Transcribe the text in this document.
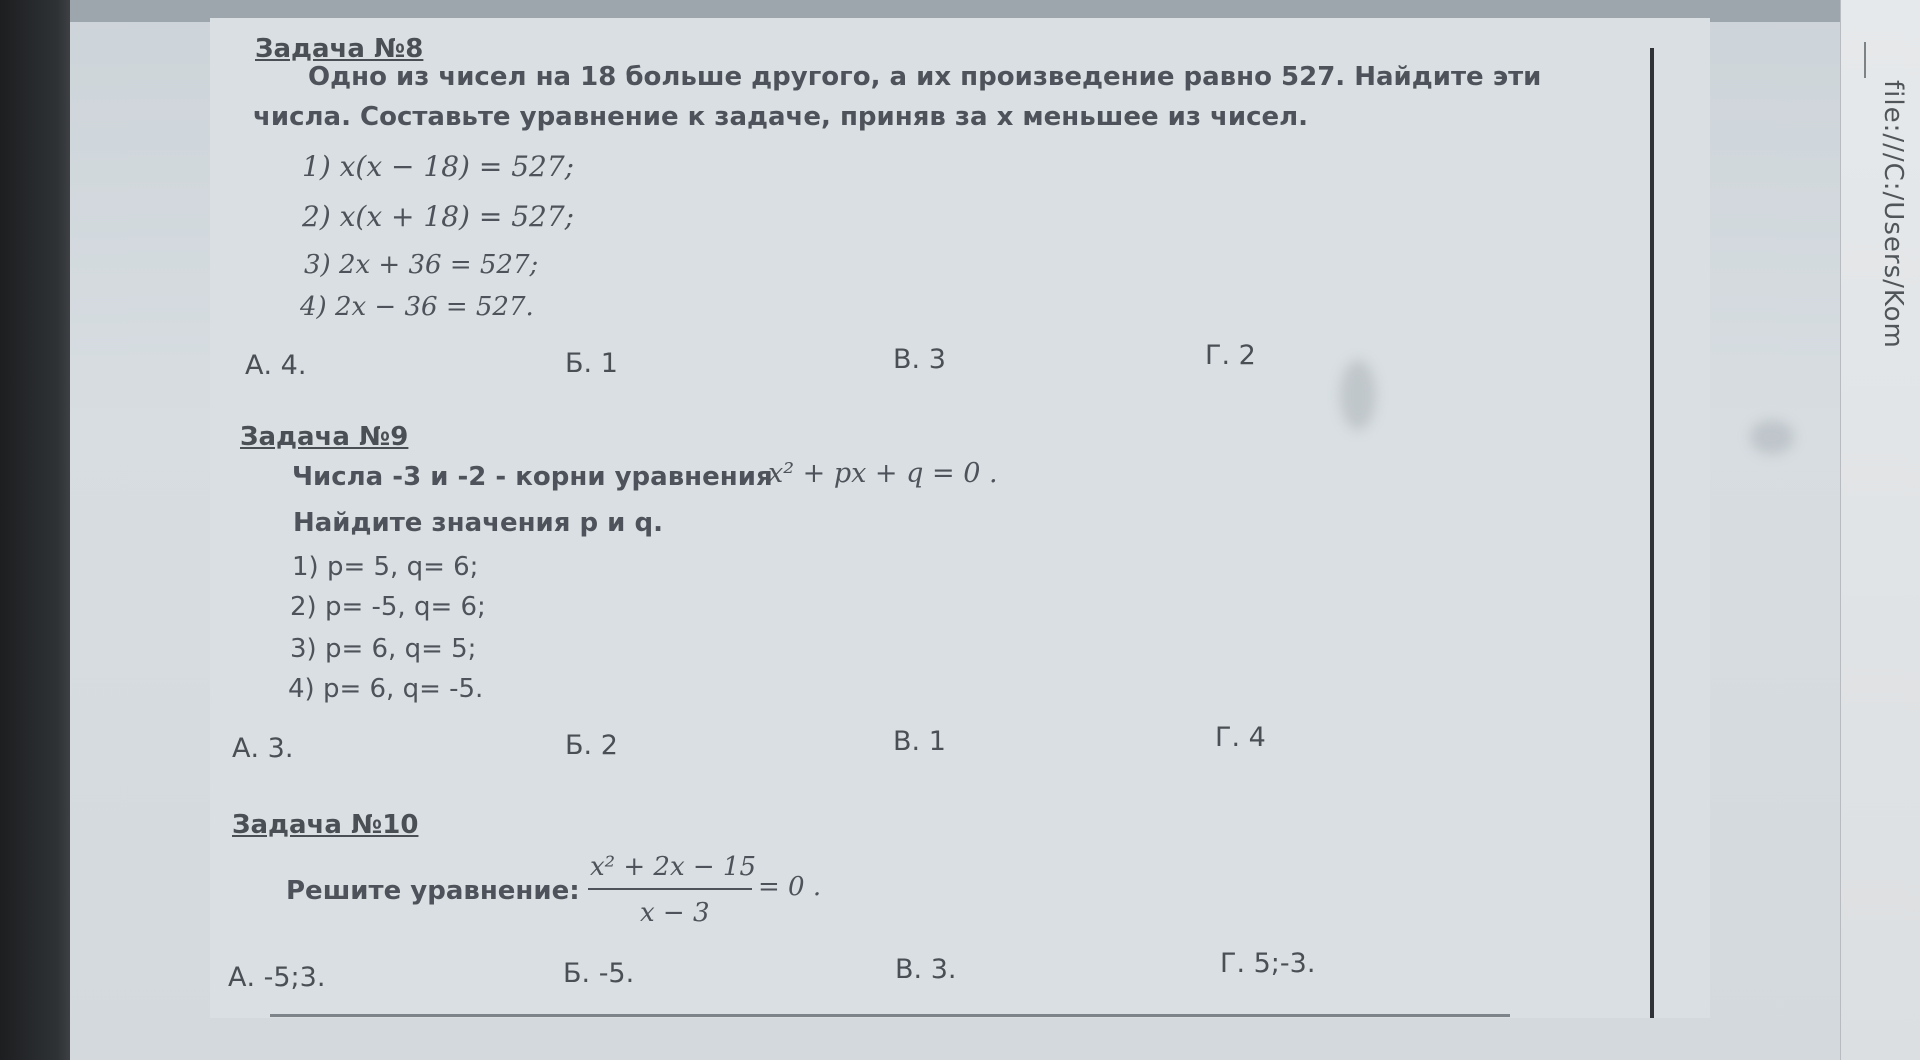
file:///C:/Users/Kom
Задача №8
Одно из чисел на 18 больше другого, а их произведение равно 527. Найдите эти
числа. Составьте уравнение к задаче, приняв за x меньшее из чисел.
1) x(x − 18) = 527;
2) x(x + 18) = 527;
3) 2x + 36 = 527;
4) 2x − 36 = 527.
А. 4.	Б. 1	В. 3	Г. 2
Задача №9
Числа -3 и -2 - корни уравнения
x² + px + q = 0 .
Найдите значения p и q.
1) p= 5, q= 6;
2) p= -5, q= 6;
3) p= 6, q= 5;
4) p= 6, q= -5.
А. 3.	Б. 2	В. 1	Г. 4
Задача №10
Решите уравнение:
x² + 2x − 15
x − 3
= 0 .
А. -5;3.	Б. -5.	В. 3.	Г. 5;-3.
